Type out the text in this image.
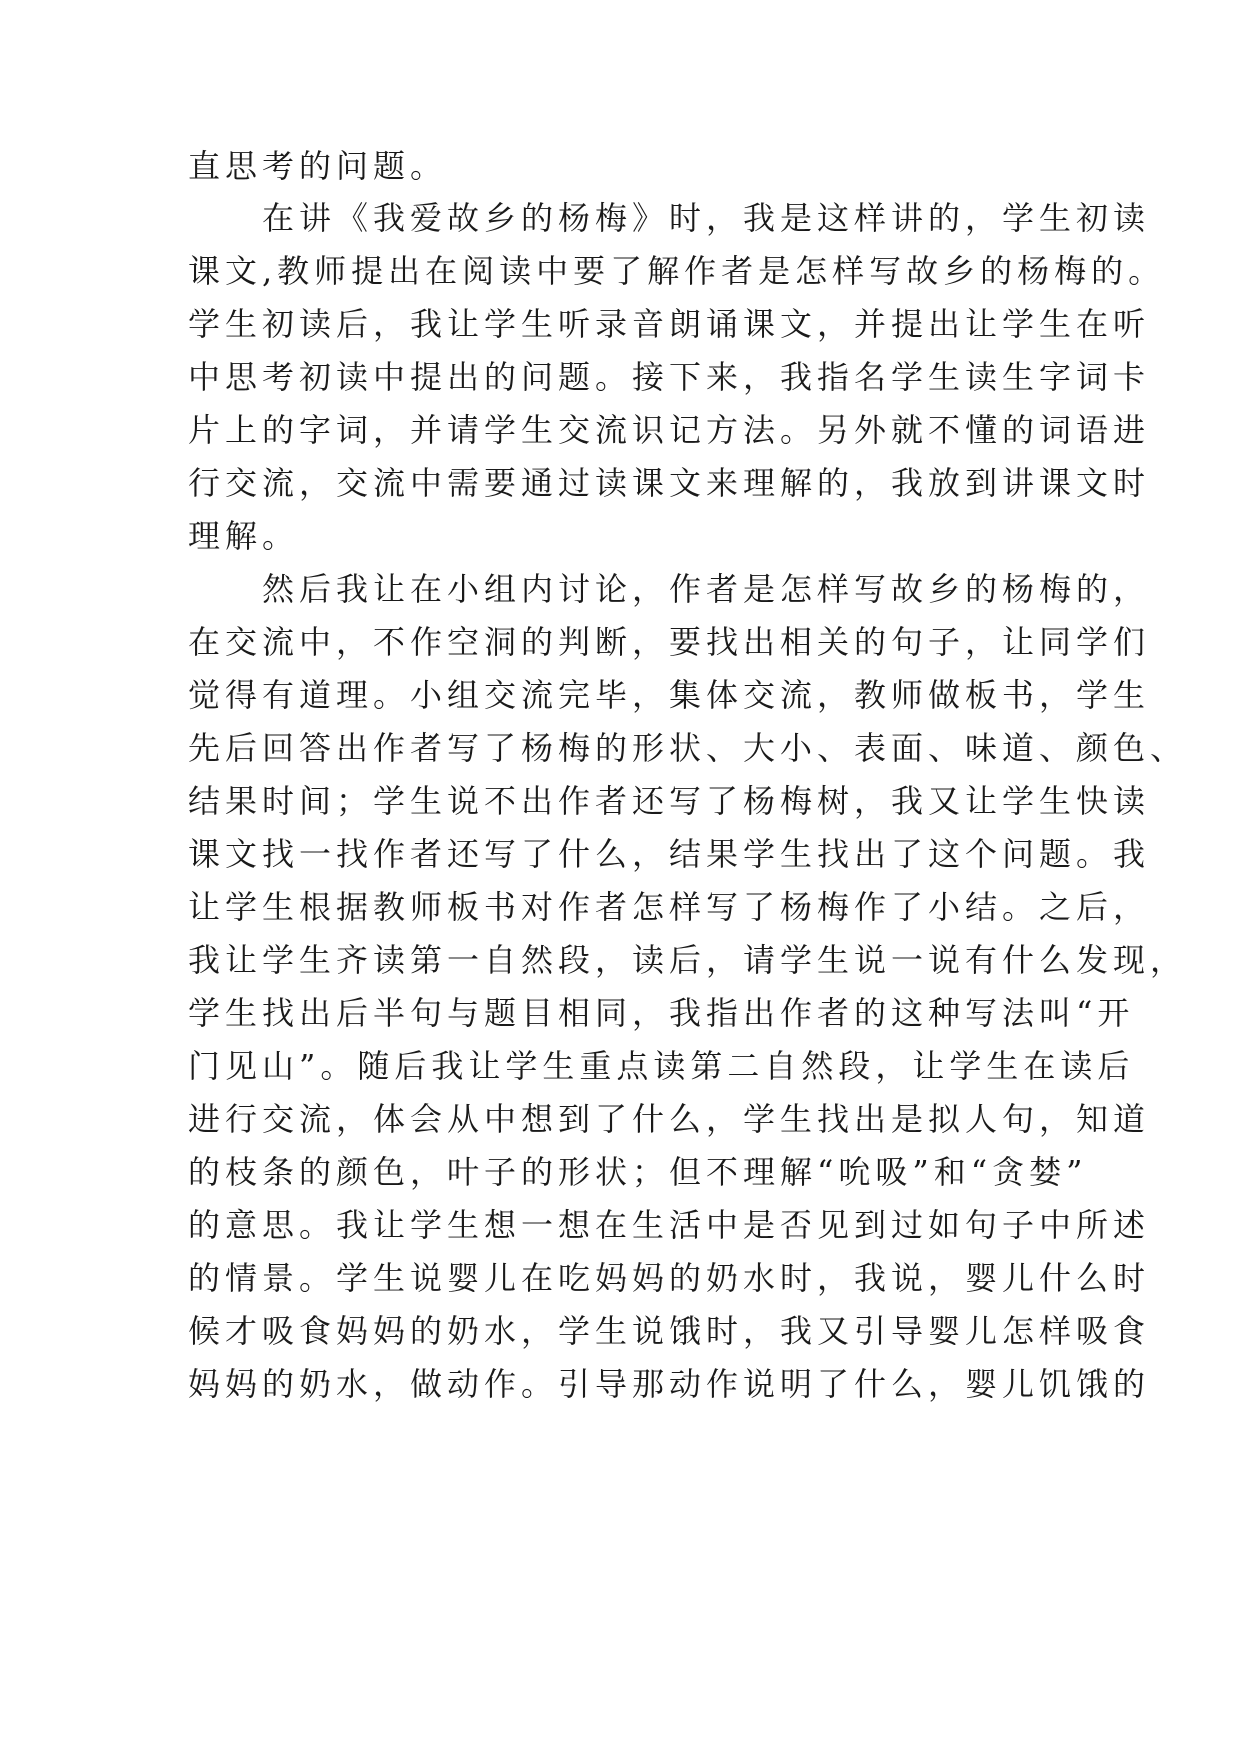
直思考的问题。
　　在讲《我爱故乡的杨梅》时，我是这样讲的，学生初读
课文,教师提出在阅读中要了解作者是怎样写故乡的杨梅的。
学生初读后，我让学生听录音朗诵课文，并提出让学生在听
中思考初读中提出的问题。接下来，我指名学生读生字词卡
片上的字词，并请学生交流识记方法。另外就不懂的词语进
行交流，交流中需要通过读课文来理解的，我放到讲课文时
理解。
　　然后我让在小组内讨论，作者是怎样写故乡的杨梅的，
在交流中，不作空洞的判断，要找出相关的句子，让同学们
觉得有道理。小组交流完毕，集体交流，教师做板书，学生
先后回答出作者写了杨梅的形状、大小、表面、味道、颜色、
结果时间；学生说不出作者还写了杨梅树，我又让学生快读
课文找一找作者还写了什么，结果学生找出了这个问题。我
让学生根据教师板书对作者怎样写了杨梅作了小结。之后，
我让学生齐读第一自然段，读后，请学生说一说有什么发现，
学生找出后半句与题目相同，我指出作者的这种写法叫“开
门见山”。随后我让学生重点读第二自然段，让学生在读后
进行交流，体会从中想到了什么，学生找出是拟人句，知道
的枝条的颜色，叶子的形状；但不理解“吮吸”和“贪婪”
的意思。我让学生想一想在生活中是否见到过如句子中所述
的情景。学生说婴儿在吃妈妈的奶水时，我说，婴儿什么时
候才吸食妈妈的奶水，学生说饿时，我又引导婴儿怎样吸食
妈妈的奶水，做动作。引导那动作说明了什么，婴儿饥饿的
